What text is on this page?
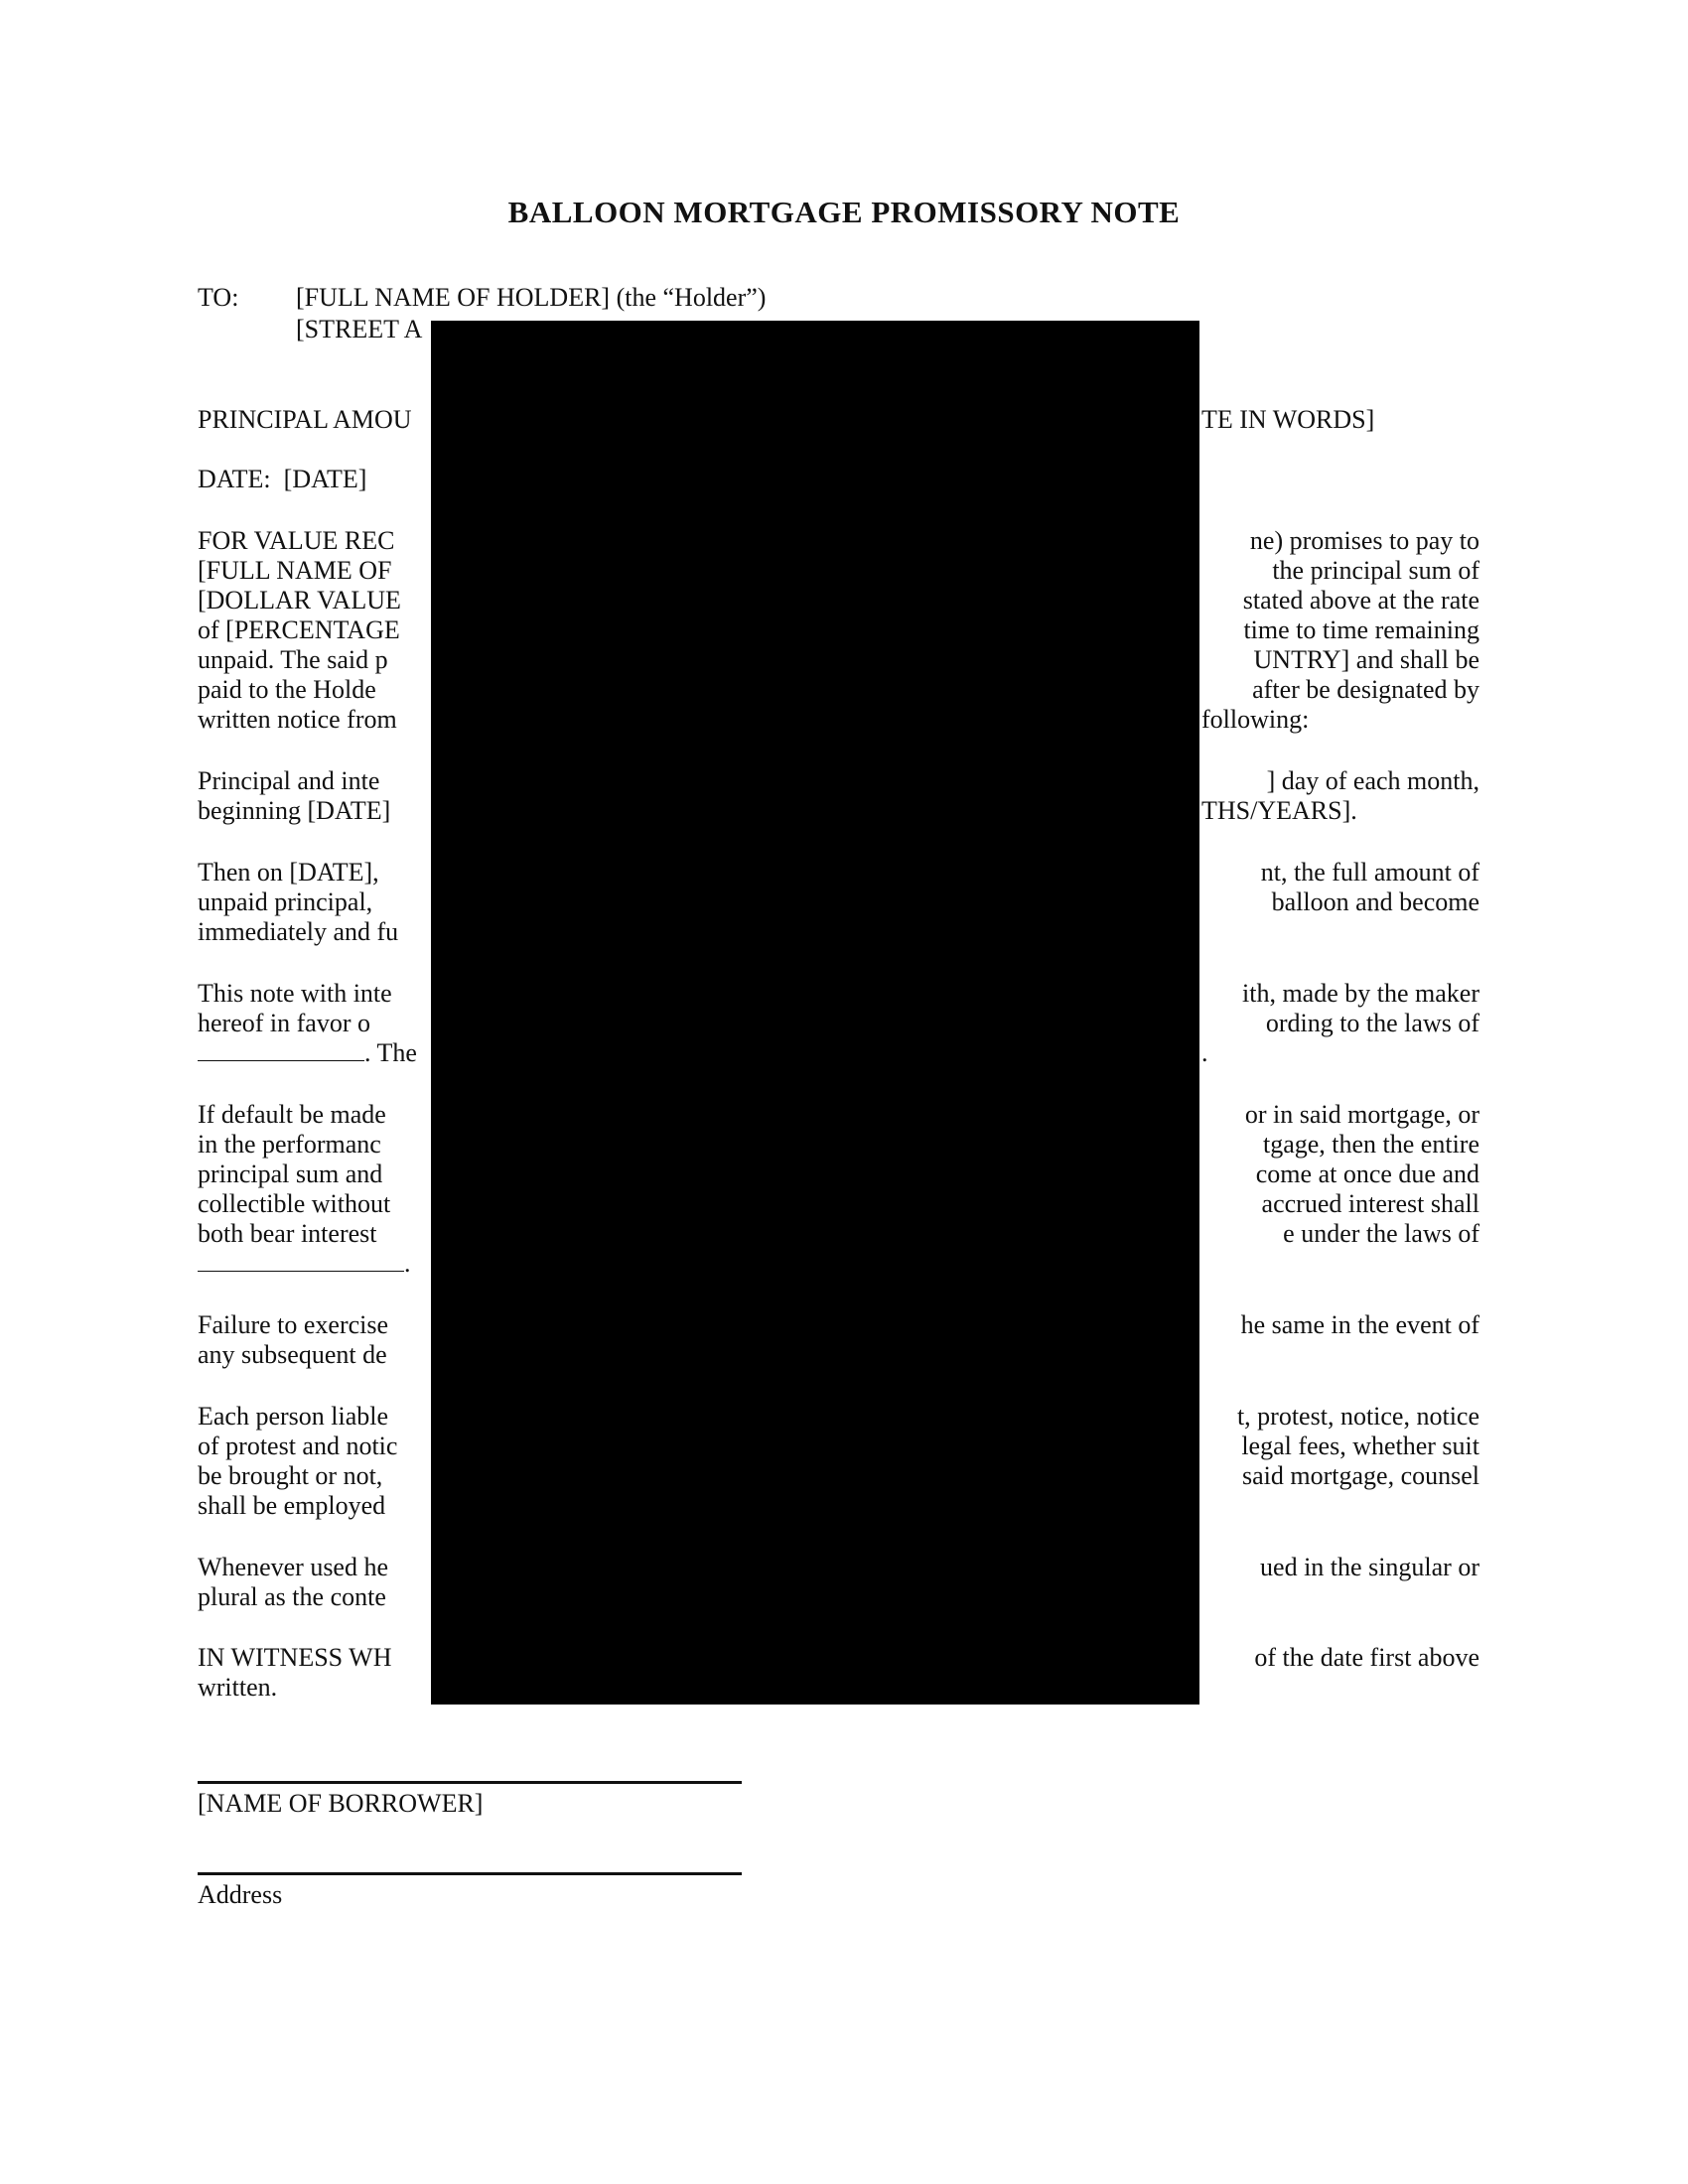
BALLOON MORTGAGE PROMISSORY NOTE
TO: [FULL NAME OF HOLDER] (the “Holder”)
[STREET A
PRINCIPAL AMOU	TE IN WORDS]
DATE: [DATE]
FOR VALUE REC
[FULL NAME OF
[DOLLAR VALUE
of [PERCENTAGE
unpaid. The said p
paid to the Holde
written notice from
ne) promises to pay to
the principal sum of
stated above at the rate
time to time remaining
UNTRY] and shall be
after be designated by
following:
Principal and inte
beginning [DATE]
] day of each month,
THS/YEARS].
Then on [DATE],
unpaid principal,
immediately and fu
nt, the full amount of
balloon and become
This note with inte
hereof in favor o
. The
ith, made by the maker
ording to the laws of
.
If default be made
in the performanc
principal sum and
collectible without
both bear interest
.
or in said mortgage, or
tgage, then the entire
come at once due and
accrued interest shall
e under the laws of
Failure to exercise
any subsequent de
he same in the event of
Each person liable
of protest and notic
be brought or not,
shall be employed
t, protest, notice, notice
legal fees, whether suit
said mortgage, counsel
Whenever used he
plural as the conte
ued in the singular or
IN WITNESS WH
written.
of the date first above
[NAME OF BORROWER]
Address
